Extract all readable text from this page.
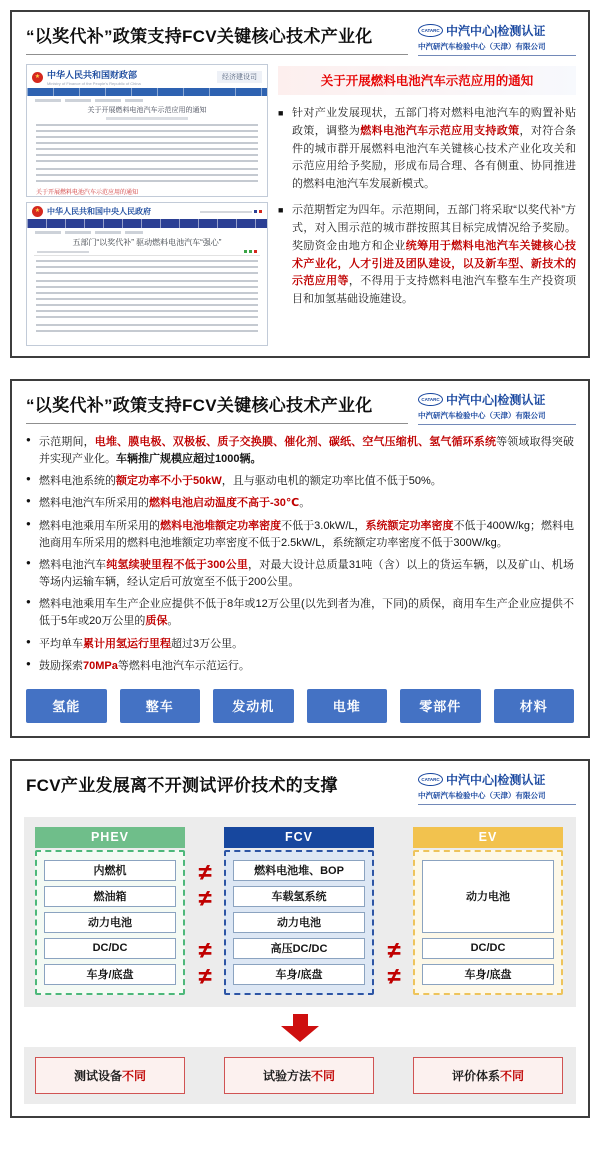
“以奖代补”政策支持FCV关键核心技术产业化	CATARC 中汽中心|检测认证
中汽研汽车检验中心（天津）有限公司
★ 中华人民共和国财政部
Ministry of Finance of the People's Republic of China
经济建设司
关于开展燃料电池汽车示范应用的通知
关于开展燃料电池汽车示范应用的通知
★ 中华人民共和国中央人民政府
五部门“以奖代补” 驱动燃料电池汽车“强心”
关于开展燃料电池汽车示范应用的通知
■ 针对产业发展现状，五部门将对燃料电池汽车的购置补贴政策，调整为燃料电池汽车示范应用支持政策，对符合条件的城市群开展燃料电池汽车关键核心技术产业化攻关和示范应用给予奖励，形成布局合理、各有侧重、协同推进的燃料电池汽车发展新模式。
■ 示范期暂定为四年。示范期间，五部门将采取“以奖代补”方式，对入围示范的城市群按照其目标完成情况给予奖励。奖励资金由地方和企业统筹用于燃料电池汽车关键核心技术产业化，人才引进及团队建设，以及新车型、新技术的示范应用等，不得用于支持燃料电池汽车整车生产投资项目和加氢基础设施建设。
“以奖代补”政策支持FCV关键核心技术产业化	CATARC 中汽中心|检测认证
中汽研汽车检验中心（天津）有限公司
● 示范期间，电堆、膜电极、双极板、质子交换膜、催化剂、碳纸、空气压缩机、氢气循环系统等领域取得突破并实现产业化。车辆推广规模应超过1000辆。
● 燃料电池系统的额定功率不小于50kW，且与驱动电机的额定功率比值不低于50%。
● 燃料电池汽车所采用的燃料电池启动温度不高于-30℃。
● 燃料电池乘用车所采用的燃料电池堆额定功率密度不低于3.0kW/L，系统额定功率密度不低于400W/kg；燃料电池商用车所采用的燃料电池堆额定功率密度不低于2.5kW/L，系统额定功率密度不低于300W/kg。
● 燃料电池汽车纯氢续驶里程不低于300公里，对最大设计总质量31吨（含）以上的货运车辆，以及矿山、机场等场内运输车辆，经认定后可放宽至不低于200公里。
● 燃料电池乘用车生产企业应提供不低于8年或12万公里(以先到者为准，下同)的质保，商用车生产企业应提供不低于5年或20万公里的质保。
● 平均单车累计用氢运行里程超过3万公里。
● 鼓励探索70MPa等燃料电池汽车示范运行。
氢能	整车	发动机	电堆	零部件	材料
FCV产业发展离不开测试评价技术的支撑	CATARC 中汽中心|检测认证
中汽研汽车检验中心（天津）有限公司
PHEV
内燃机
燃油箱
动力电池
DC/DC
车身/底盘
≠
≠
≠
≠
FCV
燃料电池堆、BOP
车载氢系统
动力电池
高压DC/DC
车身/底盘
≠
≠
EV
动力电池
DC/DC
车身/底盘
测试设备不同	试验方法不同	评价体系不同
